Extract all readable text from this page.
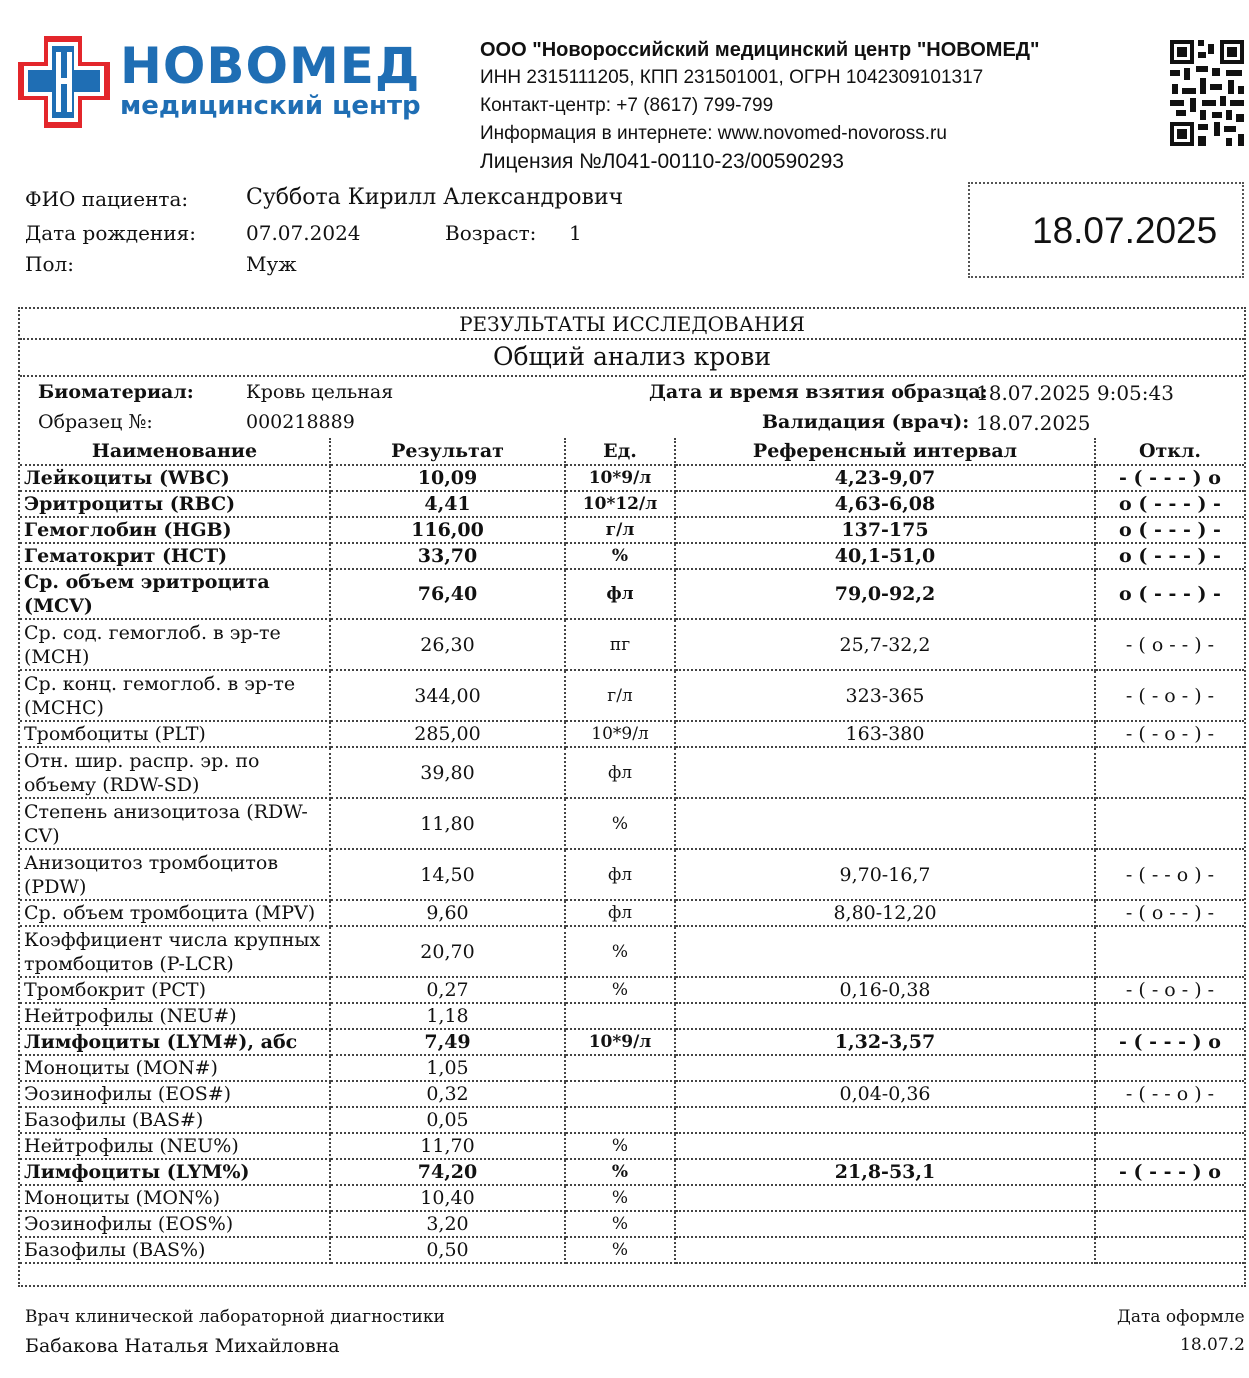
НОВОМЕД
медицинский центр
ООО "Новороссийский медицинский центр "НОВОМЕД"
ИНН 2315111205, КПП 231501001, ОГРН 1042309101317
Контакт-центр: +7 (8617) 799-799
Информация в интернете: www.novomed-novoross.ru
Лицензия №Л041-00110-23/00590293
ФИО пациента:	Суббота Кирилл Александрович
Дата рождения:	07.07.2024	Возраст: 1
Пол:	Муж
18.07.2025
РЕЗУЛЬТАТЫ ИССЛЕДОВАНИЯ
Общий анализ крови
Биоматериал:	Кровь цельная	Дата и время взятия образца:
18.07.2025 9:05:43
Образец №:	000218889	Валидация (врач): 18.07.2025
Наименование	Результат	Ед.	Референсный интервал	Откл.
Лейкоциты (WBC)	10,09	10*9/л	4,23-9,07	- ( - - - ) о
Эритроциты (RBC)	4,41	10*12/л	4,63-6,08	о ( - - - ) -
Гемоглобин (HGB)	116,00	г/л	137-175	о ( - - - ) -
Гематокрит (HCT)	33,70	%	40,1-51,0	о ( - - - ) -
Ср. объем эритроцита (MCV)	76,40	фл	79,0-92,2	о ( - - - ) -
Ср. сод. гемоглоб. в эр-те (MCH)	26,30	пг	25,7-32,2	- ( о - - ) -
Ср. конц. гемоглоб. в эр-те (MCHC)	344,00	г/л	323-365	- ( - о - ) -
Тромбоциты (PLT)	285,00	10*9/л	163-380	- ( - о - ) -
Отн. шир. распр. эр. по объему (RDW-SD)	39,80	фл		
Степень анизоцитоза (RDW-CV)	11,80	%		
Анизоцитоз тромбоцитов (PDW)	14,50	фл	9,70-16,7	- ( - - о ) -
Ср. объем тромбоцита (MPV)	9,60	фл	8,80-12,20	- ( о - - ) -
Коэффициент числа крупных тромбоцитов (P-LCR)	20,70	%		
Тромбокрит (PCT)	0,27	%	0,16-0,38	- ( - о - ) -
Нейтрофилы (NEU#)	1,18			
Лимфоциты (LYM#), абс	7,49	10*9/л	1,32-3,57	- ( - - - ) о
Моноциты (MON#)	1,05			
Эозинофилы (EOS#)	0,32		0,04-0,36	- ( - - о ) -
Базофилы (BAS#)	0,05			
Нейтрофилы (NEU%)	11,70	%		
Лимфоциты (LYM%)	74,20	%	21,8-53,1	- ( - - - ) о
Моноциты (MON%)	10,40	%		
Эозинофилы (EOS%)	3,20	%		
Базофилы (BAS%)	0,50	%		
Врач клинической лабораторной диагностики
Бабакова Наталья Михайловна
Дата оформле
18.07.2
